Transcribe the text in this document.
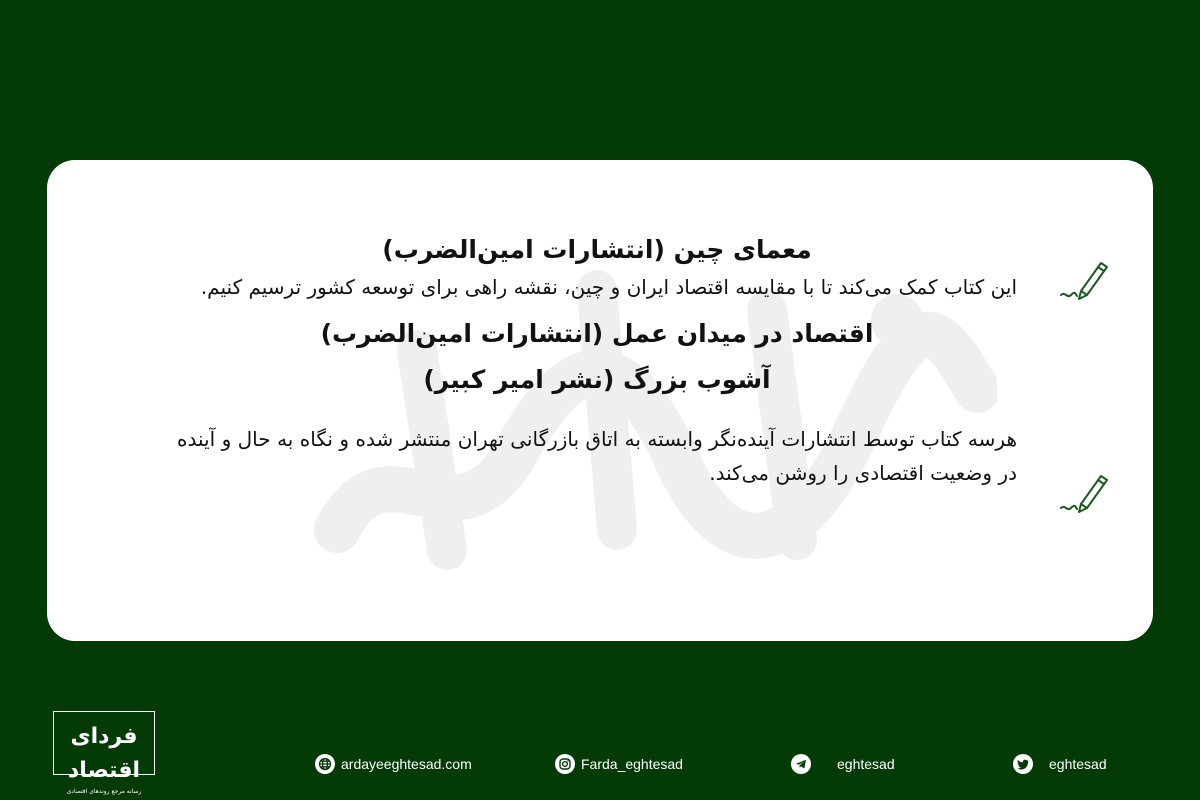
معمای چین (انتشارات امین‌الضرب)

این کتاب کمک می‌کند تا با مقایسه اقتصاد ایران و چین، نقشه راهی برای توسعه کشور ترسیم کنیم.

اقتصاد در میدان عمل (انتشارات امین‌الضرب)
آشوب بزرگ (نشر امیر کبیر)

هرسه کتاب توسط انتشارات آینده‌نگر وابسته به اتاق بازرگانی تهران منتشر شده و نگاه به حال و آینده در وضعیت اقتصادی را روشن می‌کند.

فردای اقتصاد
رسانه مرجع روندهای اقتصادی
ardayeeghtesad.com	Farda_eghtesad	eghtesad	eghtesad
